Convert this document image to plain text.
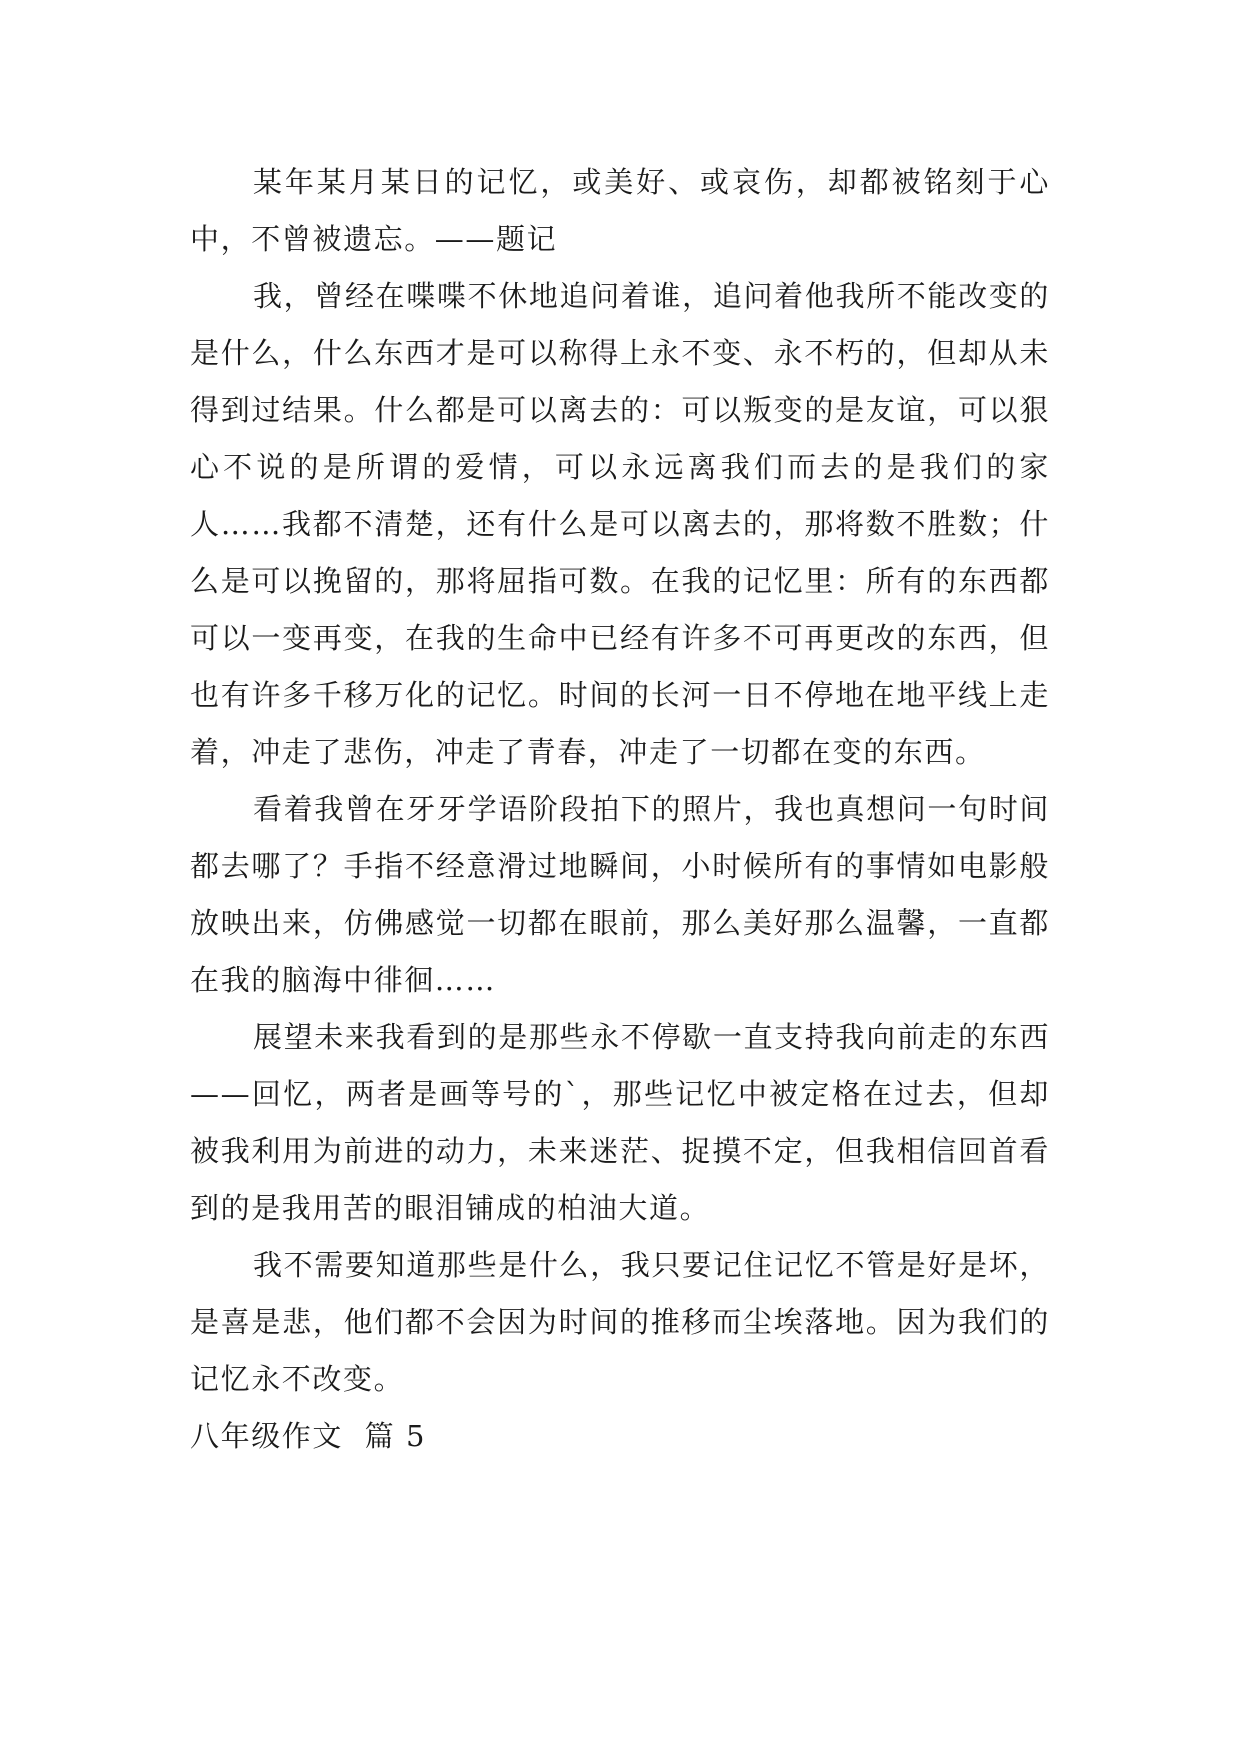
某年某月某日的记忆，或美好、或哀伤，却都被铭刻于心中，不曾被遗忘。——题记

我，曾经在喋喋不休地追问着谁，追问着他我所不能改变的是什么，什么东西才是可以称得上永不变、永不朽的，但却从未得到过结果。什么都是可以离去的：可以叛变的是友谊，可以狠心不说的是所谓的爱情，可以永远离我们而去的是我们的家人……我都不清楚，还有什么是可以离去的，那将数不胜数；什么是可以挽留的，那将屈指可数。在我的记忆里：所有的东西都可以一变再变，在我的生命中已经有许多不可再更改的东西，但也有许多千移万化的记忆。时间的长河一日不停地在地平线上走着，冲走了悲伤，冲走了青春，冲走了一切都在变的东西。

看着我曾在牙牙学语阶段拍下的照片，我也真想问一句时间都去哪了？手指不经意滑过地瞬间，小时候所有的事情如电影般放映出来，仿佛感觉一切都在眼前，那么美好那么温馨，一直都在我的脑海中徘徊……

展望未来我看到的是那些永不停歇一直支持我向前走的东西——回忆，两者是画等号的`，那些记忆中被定格在过去，但却被我利用为前进的动力，未来迷茫、捉摸不定，但我相信回首看到的是我用苦的眼泪铺成的柏油大道。

我不需要知道那些是什么，我只要记住记忆不管是好是坏，是喜是悲，他们都不会因为时间的推移而尘埃落地。因为我们的记忆永不改变。

八年级作文  篇 5
